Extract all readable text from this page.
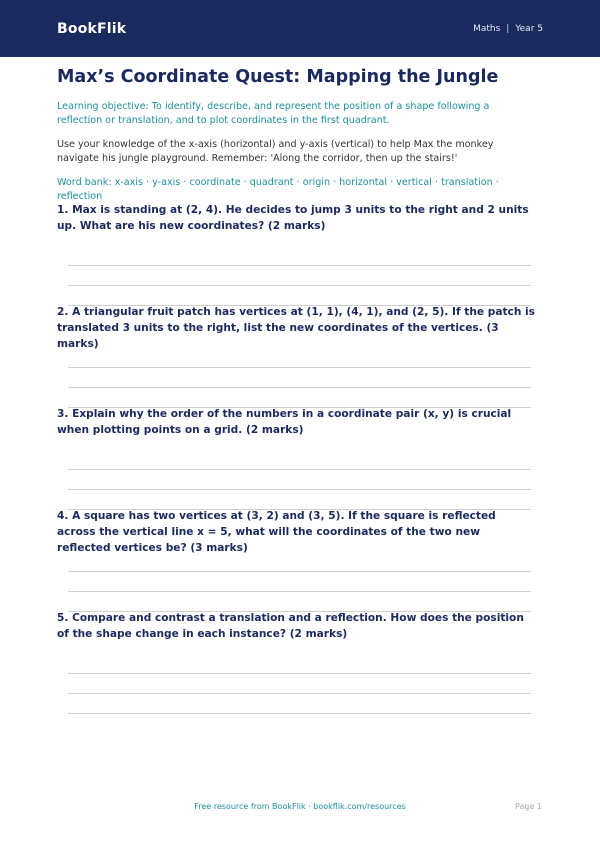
BookFlik	Maths | Year 5
Max’s Coordinate Quest: Mapping the Jungle
Learning objective: To identify, describe, and represent the position of a shape following a reflection or translation, and to plot coordinates in the first quadrant.
Use your knowledge of the x-axis (horizontal) and y-axis (vertical) to help Max the monkey navigate his jungle playground. Remember: 'Along the corridor, then up the stairs!'
Word bank: x-axis · y-axis · coordinate · quadrant · origin · horizontal · vertical · translation · reflection
1. Max is standing at (2, 4). He decides to jump 3 units to the right and 2 units up. What are his new coordinates? (2 marks)
2. A triangular fruit patch has vertices at (1, 1), (4, 1), and (2, 5). If the patch is translated 3 units to the right, list the new coordinates of the vertices. (3 marks)
3. Explain why the order of the numbers in a coordinate pair (x, y) is crucial when plotting points on a grid. (2 marks)
4. A square has two vertices at (3, 2) and (3, 5). If the square is reflected across the vertical line x = 5, what will the coordinates of the two new reflected vertices be? (3 marks)
5. Compare and contrast a translation and a reflection. How does the position of the shape change in each instance? (2 marks)
Free resource from BookFlik · bookflik.com/resources	Page 1
